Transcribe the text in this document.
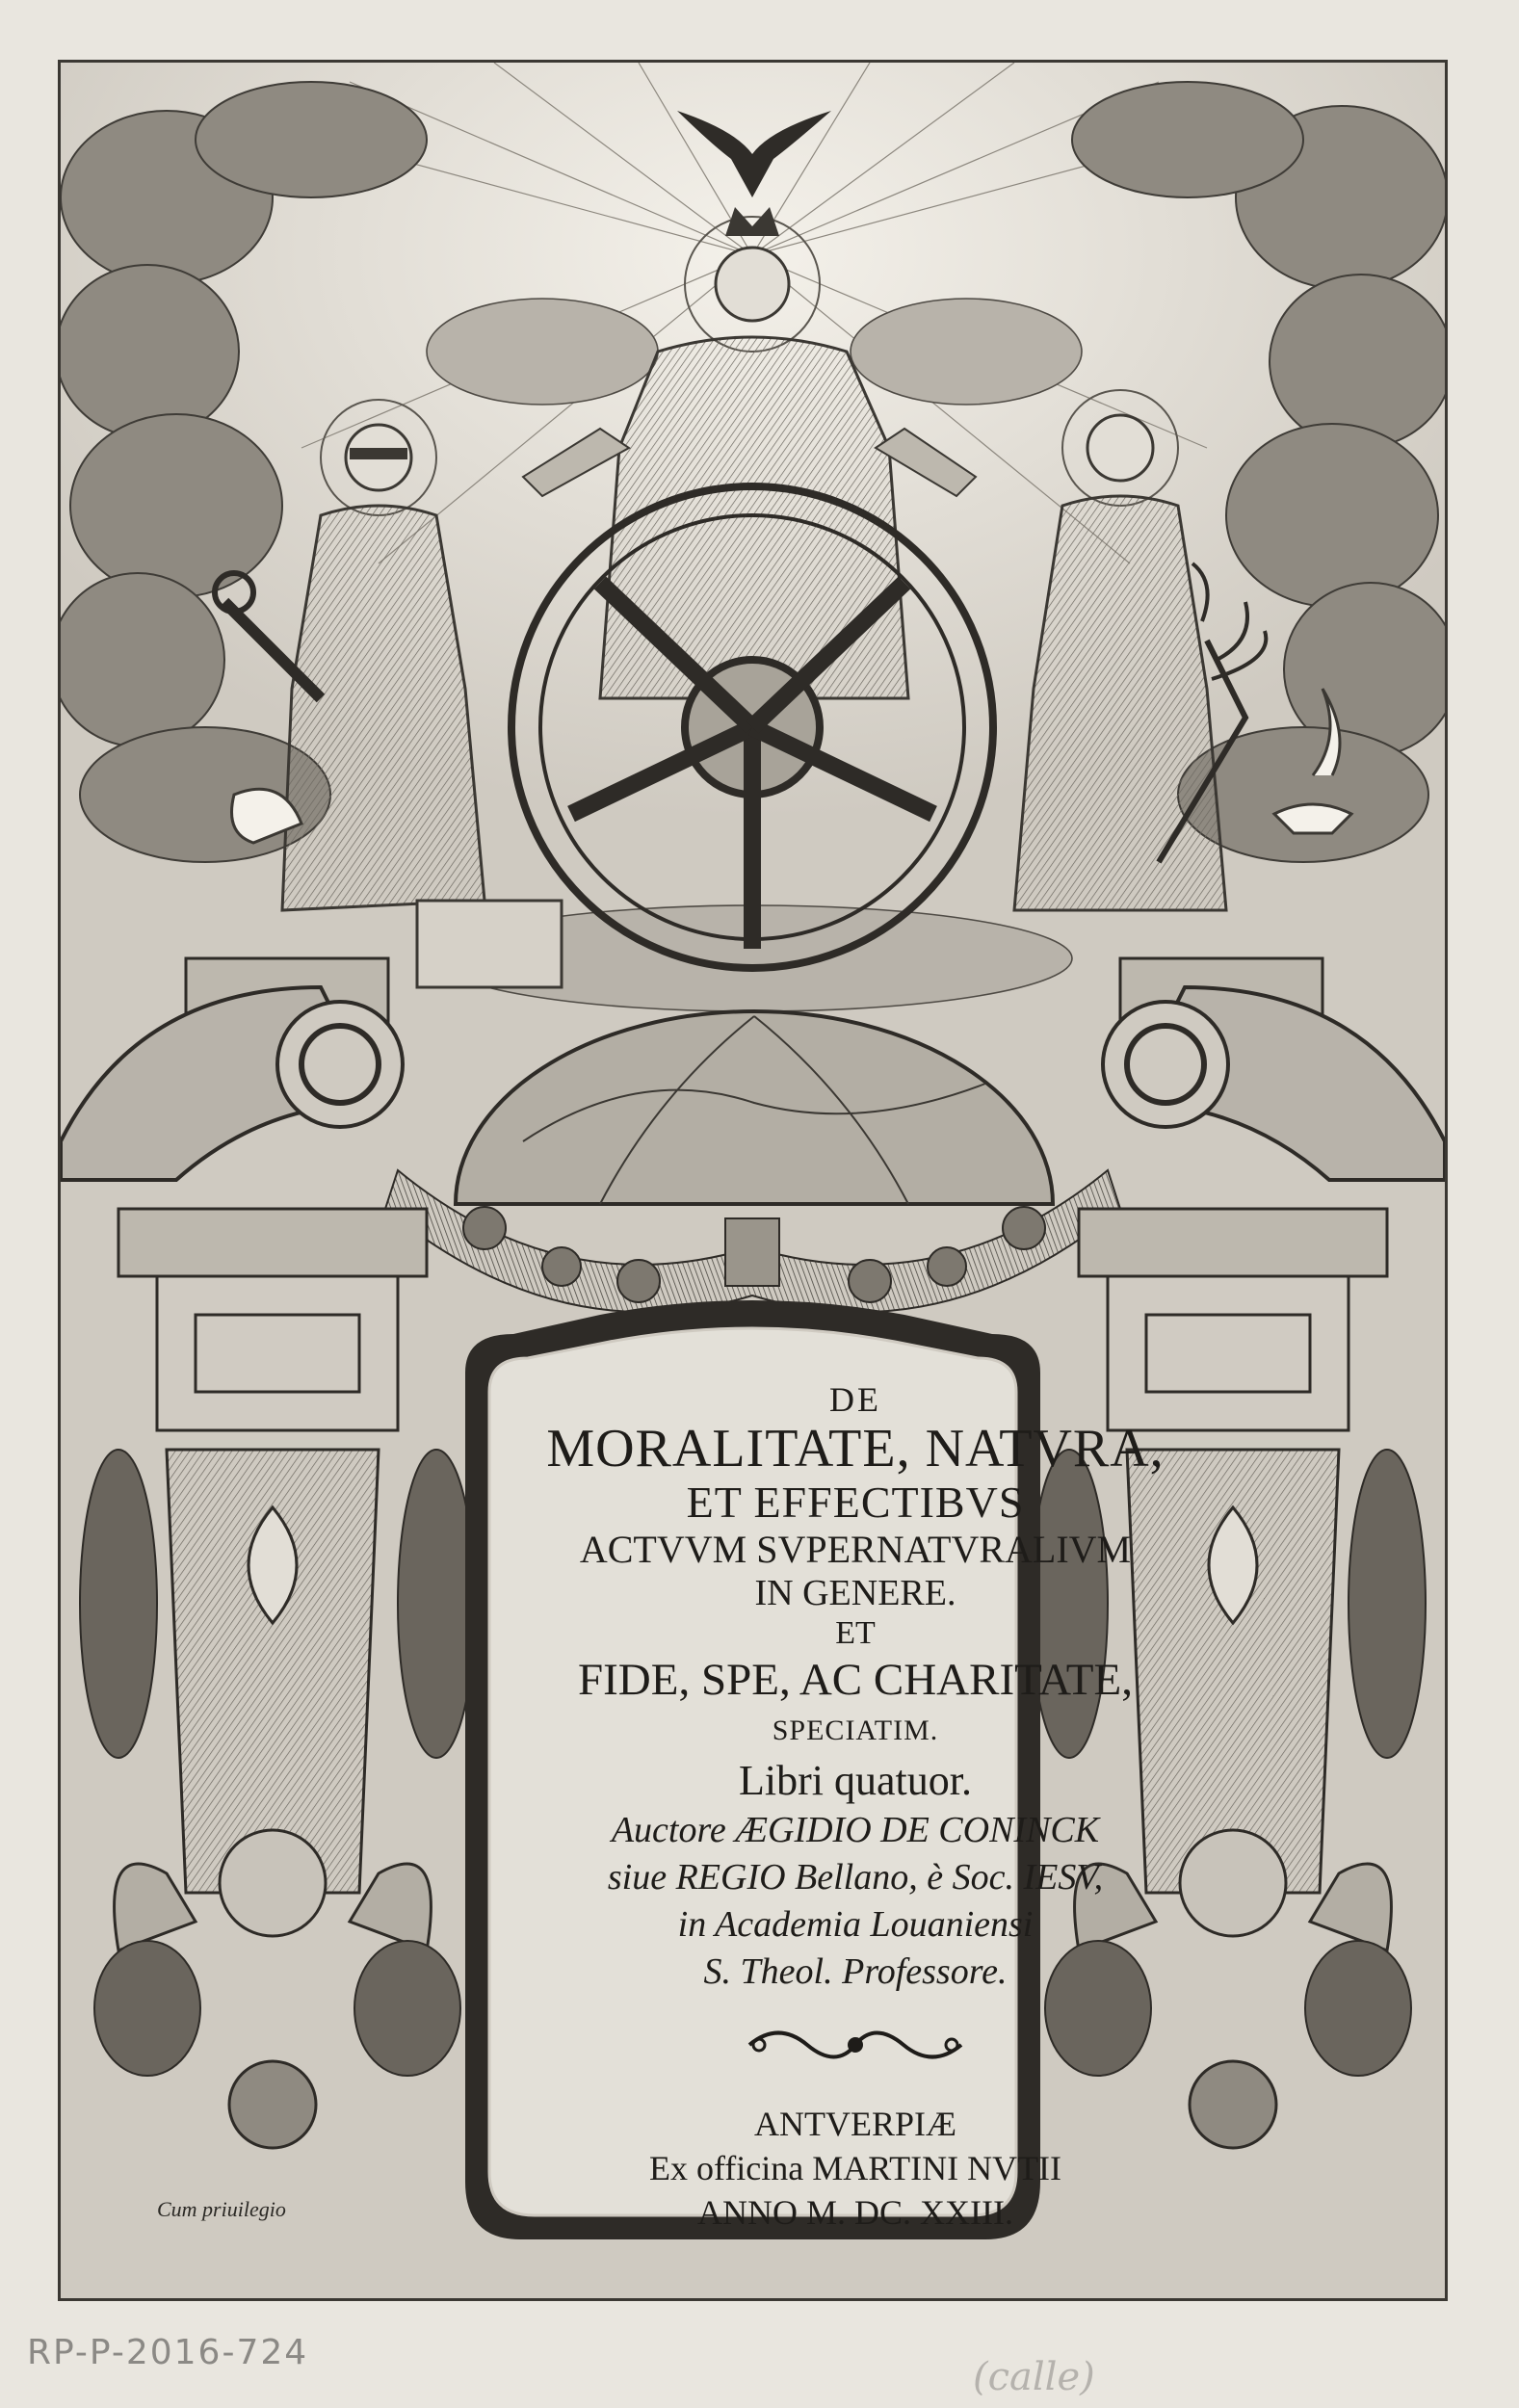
DE
MORALITATE, NATVRA,
ET EFFECTIBVS
ACTVVM SVPERNATVRALIVM
IN GENERE.
ET
FIDE, SPE, AC CHARITATE,
SPECIATIM.
Libri quatuor.
Auctore ÆGIDIO DE CONINCK
siue REGIO Bellano, è Soc. IESV,
in Academia Louaniensi
S. Theol. Professore.
ANTVERPIÆ
Ex officina MARTINI NVTII
ANNO M. DC. XXIII.
Cum priuilegio
RP-P-2016-724
(calle)
